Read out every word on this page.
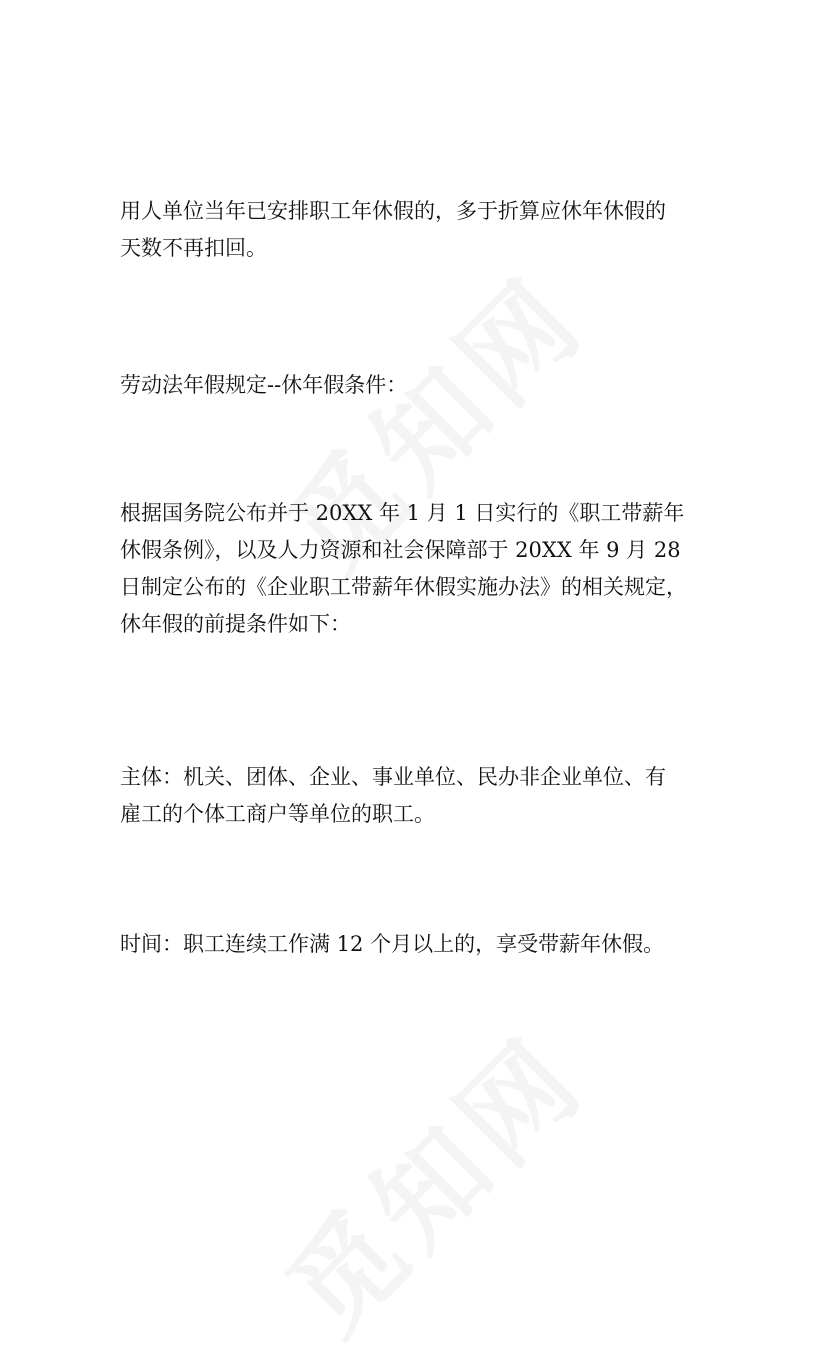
用人单位当年已安排职工年休假的，多于折算应休年休假的
天数不再扣回。

劳动法年假规定--休年假条件：

根据国务院公布并于 20XX 年 1 月 1 日实行的《职工带薪年
休假条例》，以及人力资源和社会保障部于 20XX 年 9 月 28
日制定公布的《企业职工带薪年休假实施办法》的相关规定，
休年假的前提条件如下：

主体：机关、团体、企业、事业单位、民办非企业单位、有
雇工的个体工商户等单位的职工。

时间：职工连续工作满 12 个月以上的，享受带薪年休假。
